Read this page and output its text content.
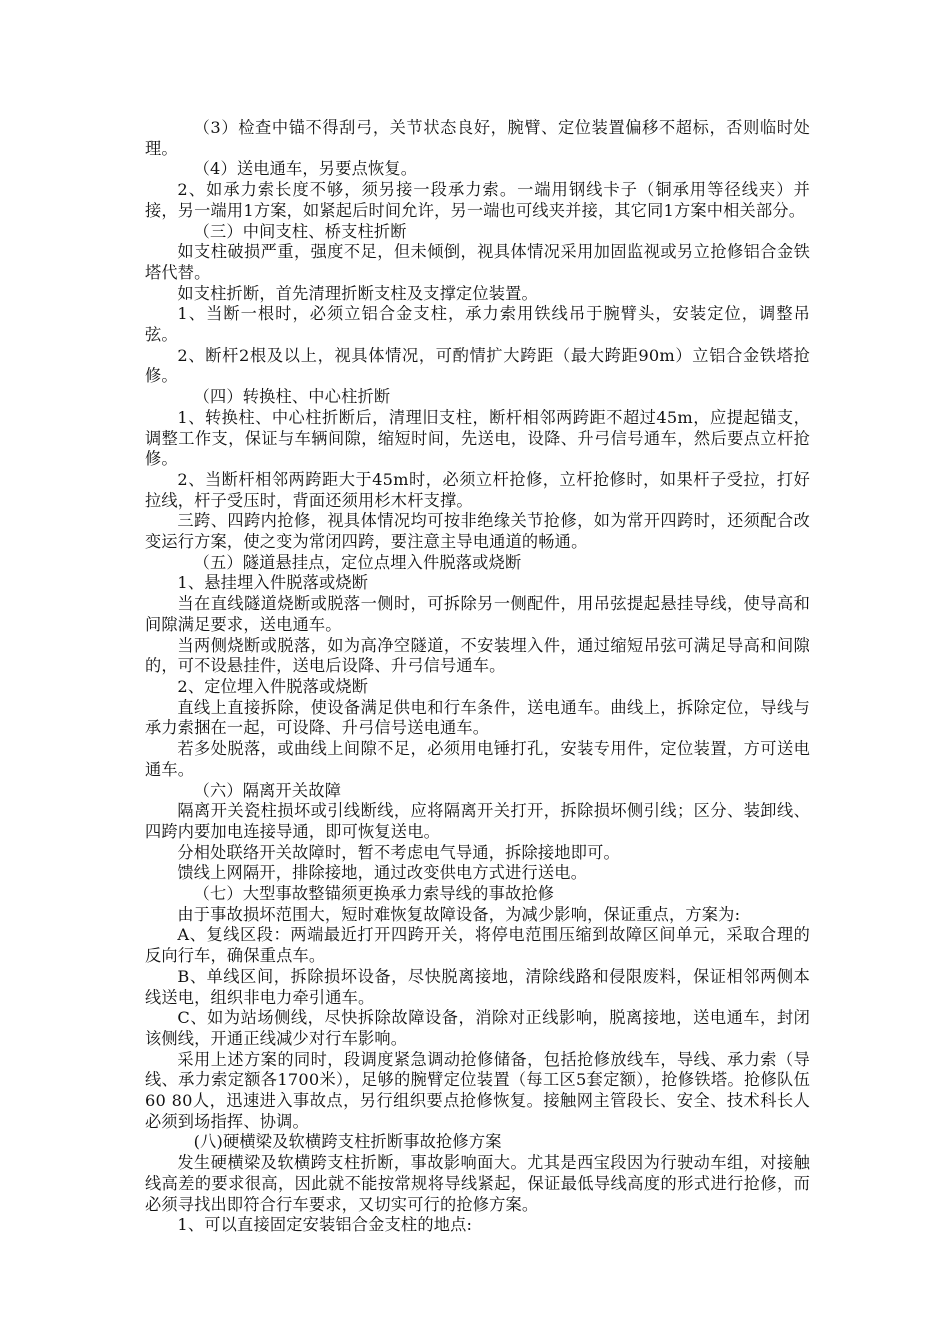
（3）检查中锚不得刮弓，关节状态良好，腕臂、定位装置偏移不超标，否则临时处理。

（4）送电通车，另要点恢复。

2、如承力索长度不够，须另接一段承力索。一端用钢线卡子（铜承用等径线夹）并接，另一端用1方案，如紧起后时间允许，另一端也可线夹并接，其它同1方案中相关部分。

（三）中间支柱、桥支柱折断

如支柱破损严重，强度不足，但未倾倒，视具体情况采用加固监视或另立抢修铝合金铁塔代替。

如支柱折断，首先清理折断支柱及支撑定位装置。

1、当断一根时，必须立铝合金支柱，承力索用铁线吊于腕臂头，安装定位，调整吊弦。

2、断杆2根及以上，视具体情况，可酌情扩大跨距（最大跨距90m）立铝合金铁塔抢修。

（四）转换柱、中心柱折断

1、转换柱、中心柱折断后，清理旧支柱，断杆相邻两跨距不超过45m，应提起锚支，调整工作支，保证与车辆间隙，缩短时间，先送电，设降、升弓信号通车，然后要点立杆抢修。

2、当断杆相邻两跨距大于45m时，必须立杆抢修，立杆抢修时，如果杆子受拉，打好拉线，杆子受压时，背面还须用杉木杆支撑。

三跨、四跨内抢修，视具体情况均可按非绝缘关节抢修，如为常开四跨时，还须配合改变运行方案，使之变为常闭四跨，要注意主导电通道的畅通。

（五）隧道悬挂点，定位点埋入件脱落或烧断

1、悬挂埋入件脱落或烧断

当在直线隧道烧断或脱落一侧时，可拆除另一侧配件，用吊弦提起悬挂导线，使导高和间隙满足要求，送电通车。

当两侧烧断或脱落，如为高净空隧道，不安装埋入件，通过缩短吊弦可满足导高和间隙的，可不设悬挂件，送电后设降、升弓信号通车。

2、定位埋入件脱落或烧断

直线上直接拆除，使设备满足供电和行车条件，送电通车。曲线上，拆除定位，导线与承力索捆在一起，可设降、升弓信号送电通车。

若多处脱落，或曲线上间隙不足，必须用电锤打孔，安装专用件，定位装置，方可送电通车。

（六）隔离开关故障

隔离开关瓷柱损坏或引线断线，应将隔离开关打开，拆除损坏侧引线；区分、装卸线、四跨内要加电连接导通，即可恢复送电。

分相处联络开关故障时，暂不考虑电气导通，拆除接地即可。

馈线上网隔开，排除接地，通过改变供电方式进行送电。

（七）大型事故整锚须更换承力索导线的事故抢修

由于事故损坏范围大，短时难恢复故障设备，为减少影响，保证重点，方案为:

A、复线区段：两端最近打开四跨开关，将停电范围压缩到故障区间单元，采取合理的反向行车，确保重点车。

B、单线区间，拆除损坏设备，尽快脱离接地，清除线路和侵限废料，保证相邻两侧本线送电，组织非电力牵引通车。

C、如为站场侧线，尽快拆除故障设备，消除对正线影响，脱离接地，送电通车，封闭该侧线，开通正线减少对行车影响。

采用上述方案的同时，段调度紧急调动抢修储备，包括抢修放线车，导线、承力索（导线、承力索定额各1700米），足够的腕臂定位装置（每工区5套定额），抢修铁塔。抢修队伍60 80人，迅速进入事故点，另行组织要点抢修恢复。接触网主管段长、安全、技术科长人必须到场指挥、协调。

(八)硬横梁及软横跨支柱折断事故抢修方案

发生硬横梁及软横跨支柱折断，事故影响面大。尤其是西宝段因为行驶动车组，对接触线高差的要求很高，因此就不能按常规将导线紧起，保证最低导线高度的形式进行抢修，而必须寻找出即符合行车要求，又切实可行的抢修方案。

1、可以直接固定安装铝合金支柱的地点:
